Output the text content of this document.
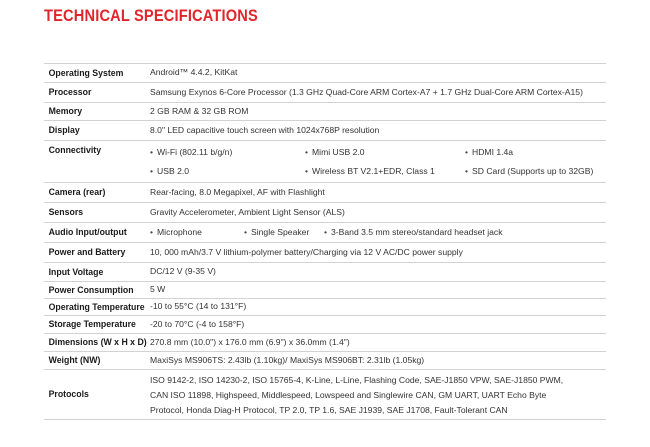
TECHNICAL SPECIFICATIONS
Operating System	Android™ 4.4.2, KitKat
Processor	Samsung Exynos 6-Core Processor (1.3 GHz Quad-Core ARM Cortex-A7 + 1.7 GHz Dual-Core ARM Cortex-A15)
Memory	2 GB RAM & 32 GB ROM
Display	8.0" LED capacitive touch screen with 1024x768P resolution
Connectivity	• Wi-Fi (802.11 b/g/n)	• Mimi USB 2.0	• HDMI 1.4a
• USB 2.0	• Wireless BT V2.1+EDR, Class 1	• SD Card (Supports up to 32GB)
Camera (rear)	Rear-facing, 8.0 Megapixel, AF with Flashlight
Sensors	Gravity Accelerometer, Ambient Light Sensor (ALS)
Audio Input/output	• Microphone	• Single Speaker	• 3-Band 3.5 mm stereo/standard headset jack
Power and Battery	10, 000 mAh/3.7 V lithium-polymer battery/Charging via 12 V AC/DC power supply
Input Voltage	DC/12 V (9-35 V)
Power Consumption	5 W
Operating Temperature -10 to 55°C (14 to 131°F)
Storage Temperature	-20 to 70°C (-4 to 158°F)
Dimensions (W x H x D) 270.8 mm (10.0") x 176.0 mm (6.9") x 36.0mm (1.4")
Weight (NW)	MaxiSys MS906TS: 2.43lb (1.10kg)/ MaxiSys MS906BT: 2.31lb (1.05kg)
Protocols
ISO 9142-2, ISO 14230-2, ISO 15765-4, K-Line, L-Line, Flashing Code, SAE-J1850 VPW, SAE-J1850 PWM,
CAN ISO 11898, Highspeed, Middlespeed, Lowspeed and Singlewire CAN, GM UART, UART Echo Byte
Protocol, Honda Diag-H Protocol, TP 2.0, TP 1.6, SAE J1939, SAE J1708, Fault-Tolerant CAN
